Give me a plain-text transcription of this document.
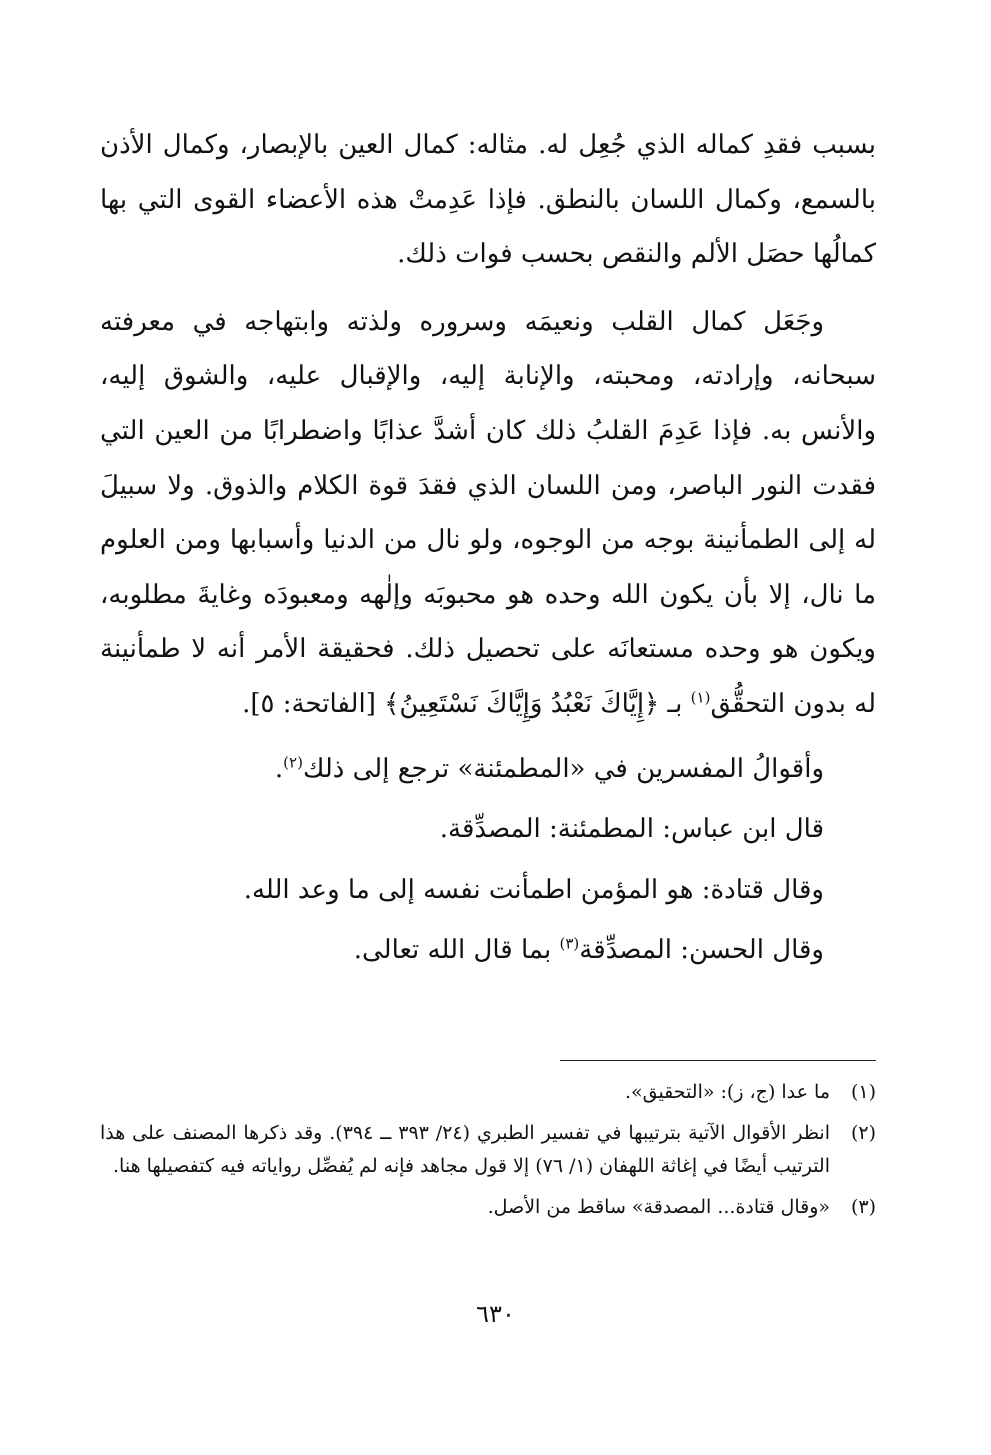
بسبب فقدِ كماله الذي جُعِل له. مثاله: كمال العين بالإبصار، وكمال الأذن بالسمع، وكمال اللسان بالنطق. فإذا عَدِمتْ هذه الأعضاء القوى التي بها كمالُها حصَل الألم والنقص بحسب فوات ذلك.

وجَعَل كمال القلب ونعيمَه وسروره ولذته وابتهاجه في معرفته سبحانه، وإرادته، ومحبته، والإنابة إليه، والإقبال عليه، والشوق إليه، والأنس به. فإذا عَدِمَ القلبُ ذلك كان أشدَّ عذابًا واضطرابًا من العين التي فقدت النور الباصر، ومن اللسان الذي فقدَ قوة الكلام والذوق. ولا سبيلَ له إلى الطمأنينة بوجه من الوجوه، ولو نال من الدنيا وأسبابها ومن العلوم ما نال، إلا بأن يكون الله وحده هو محبوبَه وإلٰهه ومعبودَه وغايةَ مطلوبه، ويكون هو وحده مستعانَه على تحصيل ذلك. فحقيقة الأمر أنه لا طمأنينة له بدون التحقُّق$^{(١)}$ بـ ﴿إِيَّاكَ نَعْبُدُ وَإِيَّاكَ نَسْتَعِينُ﴾ [الفاتحة: ٥].

وأقوالُ المفسرين في «المطمئنة» ترجع إلى ذلك$^{(٢)}$.

قال ابن عباس: المطمئنة: المصدِّقة.

وقال قتادة: هو المؤمن اطمأنت نفسه إلى ما وعد الله.

وقال الحسن: المصدِّقة$^{(٣)}$ بما قال الله تعالى.

(١)
ما عدا (ج، ز): «التحقيق».
(٢)
انظر الأقوال الآتية بترتيبها في تفسير الطبري (٢٤/ ٣٩٣ ــ ٣٩٤). وقد ذكرها المصنف على هذا الترتيب أيضًا في إغاثة اللهفان (١/ ٧٦) إلا قول مجاهد فإنه لم يُفصِّل رواياته فيه كتفصيلها هنا.
(٣)
«وقال قتادة... المصدقة» ساقط من الأصل.
٦٣٠
